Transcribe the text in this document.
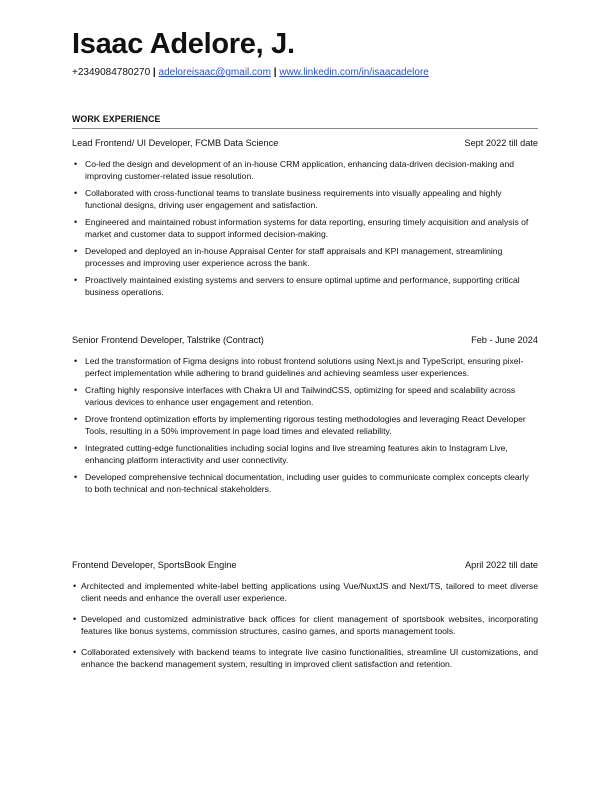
Isaac Adelore, J.
+2349084780270 | adeloreisaac@gmail.com | www.linkedin.com/in/isaacadelore
WORK EXPERIENCE
Lead Frontend/ UI Developer, FCMB Data Science	Sept 2022 till date
• Co-led the design and development of an in-house CRM application, enhancing data-driven decision-making and improving customer-related issue resolution.
• Collaborated with cross-functional teams to translate business requirements into visually appealing and highly functional designs, driving user engagement and satisfaction.
• Engineered and maintained robust information systems for data reporting, ensuring timely acquisition and analysis of market and customer data to support informed decision-making.
• Developed and deployed an in-house Appraisal Center for staff appraisals and KPI management, streamlining processes and improving user experience across the bank.
• Proactively maintained existing systems and servers to ensure optimal uptime and performance, supporting critical business operations.
Senior Frontend Developer, Talstrike (Contract)	Feb - June 2024
• Led the transformation of Figma designs into robust frontend solutions using Next.js and TypeScript, ensuring pixel-perfect implementation while adhering to brand guidelines and achieving seamless user experiences.
• Crafting highly responsive interfaces with Chakra UI and TailwindCSS, optimizing for speed and scalability across various devices to enhance user engagement and retention.
• Drove frontend optimization efforts by implementing rigorous testing methodologies and leveraging React Developer Tools, resulting in a 50% improvement in page load times and elevated reliability.
• Integrated cutting-edge functionalities including social logins and live streaming features akin to Instagram Live, enhancing platform interactivity and user connectivity.
• Developed comprehensive technical documentation, including user guides to communicate complex concepts clearly to both technical and non-technical stakeholders.
Frontend Developer, SportsBook Engine	April 2022 till date
• Architected and implemented white-label betting applications using Vue/NuxtJS and Next/TS, tailored to meet diverse client needs and enhance the overall user experience.
• Developed and customized administrative back offices for client management of sportsbook websites, incorporating features like bonus systems, commission structures, casino games, and sports management tools.
• Collaborated extensively with backend teams to integrate live casino functionalities, streamline UI customizations, and enhance the backend management system, resulting in improved client satisfaction and retention.
